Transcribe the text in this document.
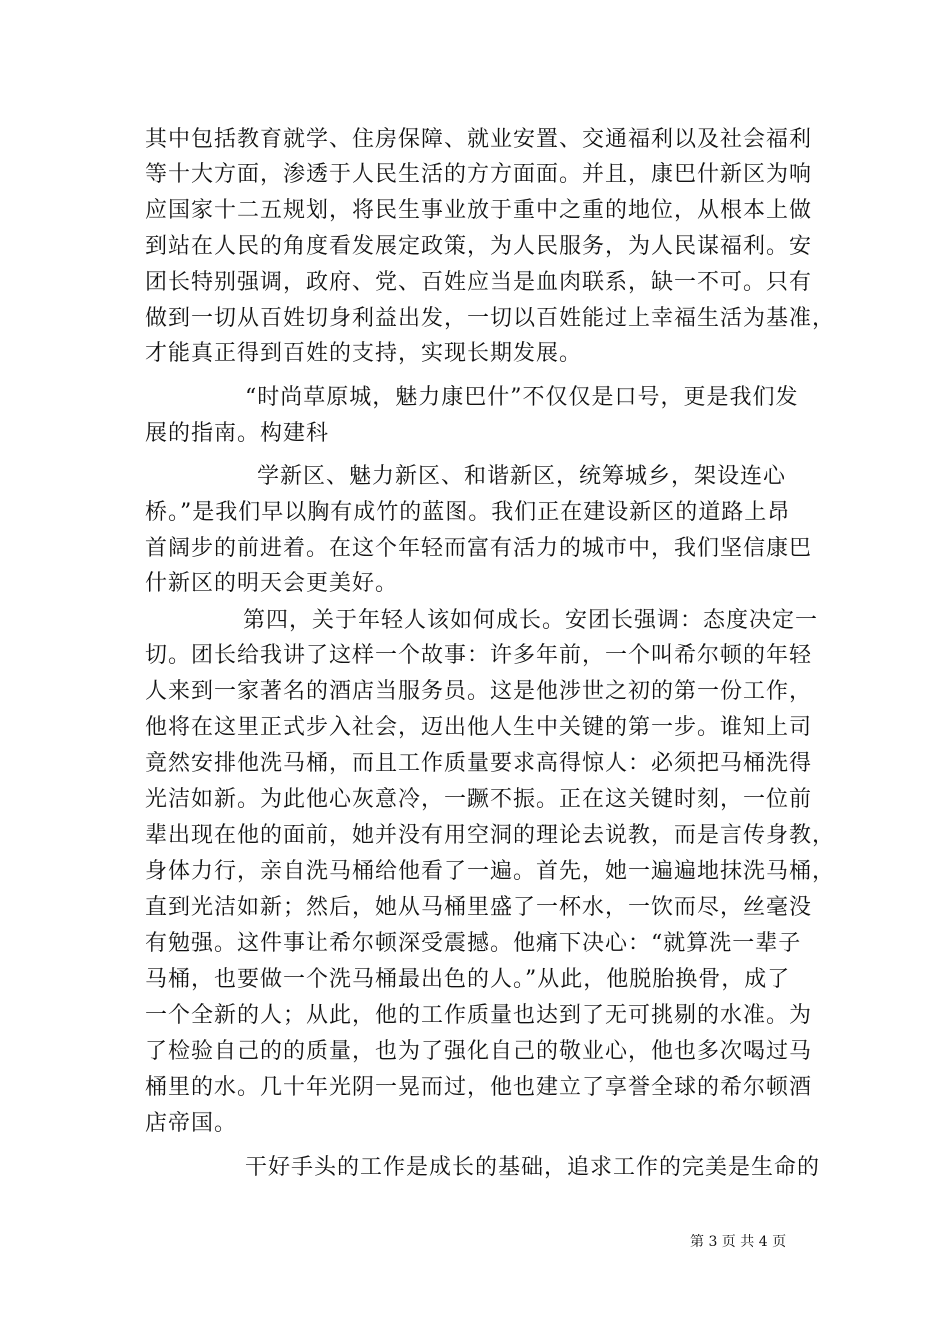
其中包括教育就学、住房保障、就业安置、交通福利以及社会福利
等十大方面，渗透于人民生活的方方面面。并且，康巴什新区为响
应国家十二五规划，将民生事业放于重中之重的地位，从根本上做
到站在人民的角度看发展定政策，为人民服务，为人民谋福利。安
团长特别强调，政府、党、百姓应当是血肉联系，缺一不可。只有
做到一切从百姓切身利益出发，一切以百姓能过上幸福生活为基准，
才能真正得到百姓的支持，实现长期发展。
“时尚草原城，魅力康巴什”不仅仅是口号，更是我们发
展的指南。构建科
学新区、魅力新区、和谐新区，统筹城乡，架设连心
桥。”是我们早以胸有成竹的蓝图。我们正在建设新区的道路上昂
首阔步的前进着。在这个年轻而富有活力的城市中，我们坚信康巴
什新区的明天会更美好。
第四，关于年轻人该如何成长。安团长强调：态度决定一
切。团长给我讲了这样一个故事：许多年前，一个叫希尔顿的年轻
人来到一家著名的酒店当服务员。这是他涉世之初的第一份工作，
他将在这里正式步入社会，迈出他人生中关键的第一步。谁知上司
竟然安排他洗马桶，而且工作质量要求高得惊人：必须把马桶洗得
光洁如新。为此他心灰意冷，一蹶不振。正在这关键时刻，一位前
辈出现在他的面前，她并没有用空洞的理论去说教，而是言传身教，
身体力行，亲自洗马桶给他看了一遍。首先，她一遍遍地抹洗马桶，
直到光洁如新；然后，她从马桶里盛了一杯水，一饮而尽，丝毫没
有勉强。这件事让希尔顿深受震撼。他痛下决心：“就算洗一辈子
马桶，也要做一个洗马桶最出色的人。”从此，他脱胎换骨，成了
一个全新的人；从此，他的工作质量也达到了无可挑剔的水准。为
了检验自己的的质量，也为了强化自己的敬业心，他也多次喝过马
桶里的水。几十年光阴一晃而过，他也建立了享誉全球的希尔顿酒
店帝国。
干好手头的工作是成长的基础，追求工作的完美是生命的
第 3 页 共 4 页
